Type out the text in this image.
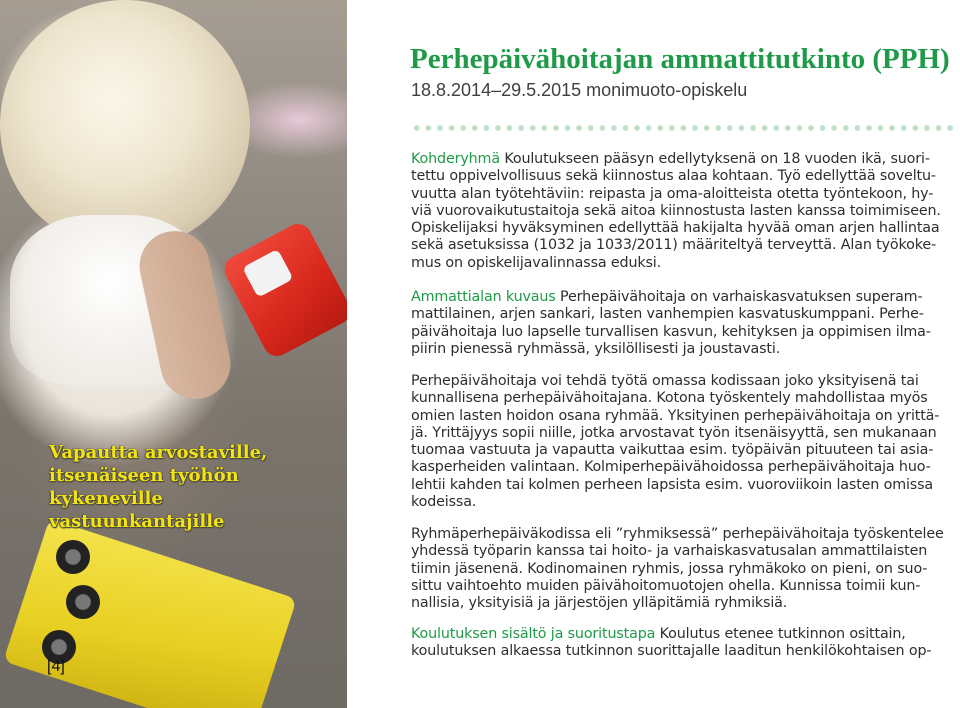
Vapautta arvostaville,
itsenäiseen työhön
kykeneville
vastuunkantajille

[4]
Perhepäivähoitajan ammattitutkinto (PPH)
18.8.2014–29.5.2015 monimuoto-opiskelu

Kohderyhmä Koulutukseen pääsyn edellytyksenä on 18 vuoden ikä, suori-
tettu oppivelvollisuus sekä kiinnostus alaa kohtaan. Työ edellyttää soveltu-
vuutta alan työtehtäviin: reipasta ja oma-aloitteista otetta työntekoon, hy-
viä vuorovaikutustaitoja sekä aitoa kiinnostusta lasten kanssa toimimiseen.
Opiskelijaksi hyväksyminen edellyttää hakijalta hyvää oman arjen hallintaa
sekä asetuksissa (1032 ja 1033/2011) määriteltyä terveyttä. Alan työkoke-
mus on opiskelijavalinnassa eduksi.

Ammattialan kuvaus Perhepäivähoitaja on varhaiskasvatuksen superam-
mattilainen, arjen sankari, lasten vanhempien kasvatuskumppani. Perhe-
päivähoitaja luo lapselle turvallisen kasvun, kehityksen ja oppimisen ilma-
piirin pienessä ryhmässä, yksilöllisesti ja joustavasti.

Perhepäivähoitaja voi tehdä työtä omassa kodissaan joko yksityisenä tai
kunnallisena perhepäivähoitajana. Kotona työskentely mahdollistaa myös
omien lasten hoidon osana ryhmää. Yksityinen perhepäivähoitaja on yrittä-
jä. Yrittäjyys sopii niille, jotka arvostavat työn itsenäisyyttä, sen mukanaan
tuomaa vastuuta ja vapautta vaikuttaa esim. työpäivän pituuteen tai asia-
kasperheiden valintaan. Kolmiperhepäivähoidossa perhepäivähoitaja huo-
lehtii kahden tai kolmen perheen lapsista esim. vuoroviikoin lasten omissa
kodeissa.

Ryhmäperhepäiväkodissa eli ”ryhmiksessä” perhepäivähoitaja työskentelee
yhdessä työparin kanssa tai hoito- ja varhaiskasvatusalan ammattilaisten
tiimin jäsenenä. Kodinomainen ryhmis, jossa ryhmäkoko on pieni, on suo-
sittu vaihtoehto muiden päivähoitomuotojen ohella. Kunnissa toimii kun-
nallisia, yksityisiä ja järjestöjen ylläpitämiä ryhmiksiä.

Koulutuksen sisältö ja suoritustapa Koulutus etenee tutkinnon osittain,
koulutuksen alkaessa tutkinnon suorittajalle laaditun henkilökohtaisen op-
